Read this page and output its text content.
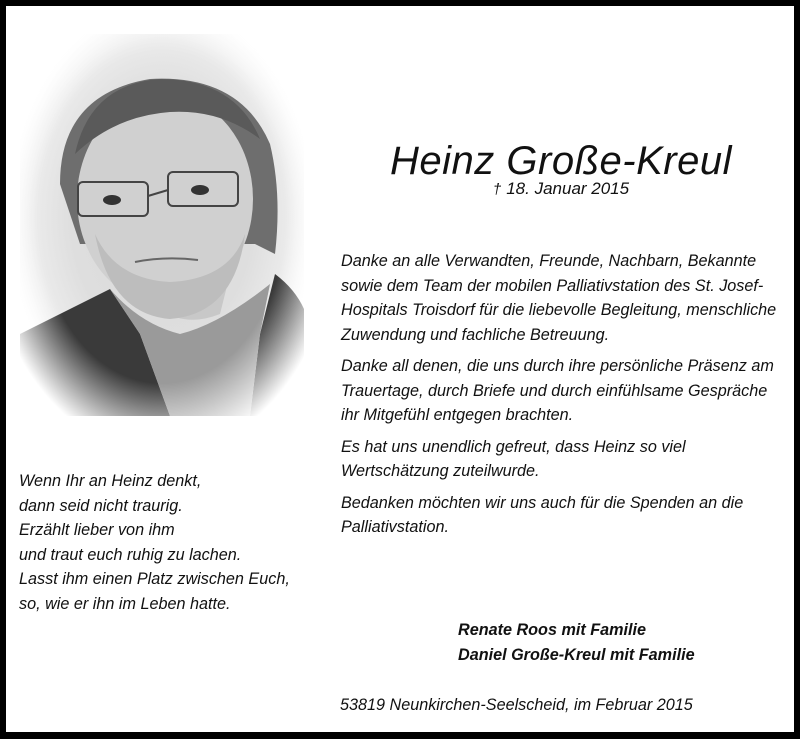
Heinz Große-Kreul
† 18. Januar 2015

Danke an alle Verwandten, Freunde, Nachbarn, Bekannte sowie dem Team der mobilen Palliativstation des St. Josef-Hospitals Troisdorf für die liebevolle Begleitung, menschliche Zuwendung und fachliche Betreuung.

Danke all denen, die uns durch ihre persönliche Präsenz am Trauertage, durch Briefe und durch einfühlsame Gespräche ihr Mitgefühl entgegen brachten.

Es hat uns unendlich gefreut, dass Heinz so viel Wertschätzung zuteilwurde.

Bedanken möchten wir uns auch für die Spenden an die Palliativstation.

Wenn Ihr an Heinz denkt,
dann seid nicht traurig.
Erzählt lieber von ihm
und traut euch ruhig zu lachen.
Lasst ihm einen Platz zwischen Euch,
so, wie er ihn im Leben hatte.
Renate Roos mit Familie
Daniel Große-Kreul mit Familie
53819 Neunkirchen-Seelscheid, im Februar 2015
